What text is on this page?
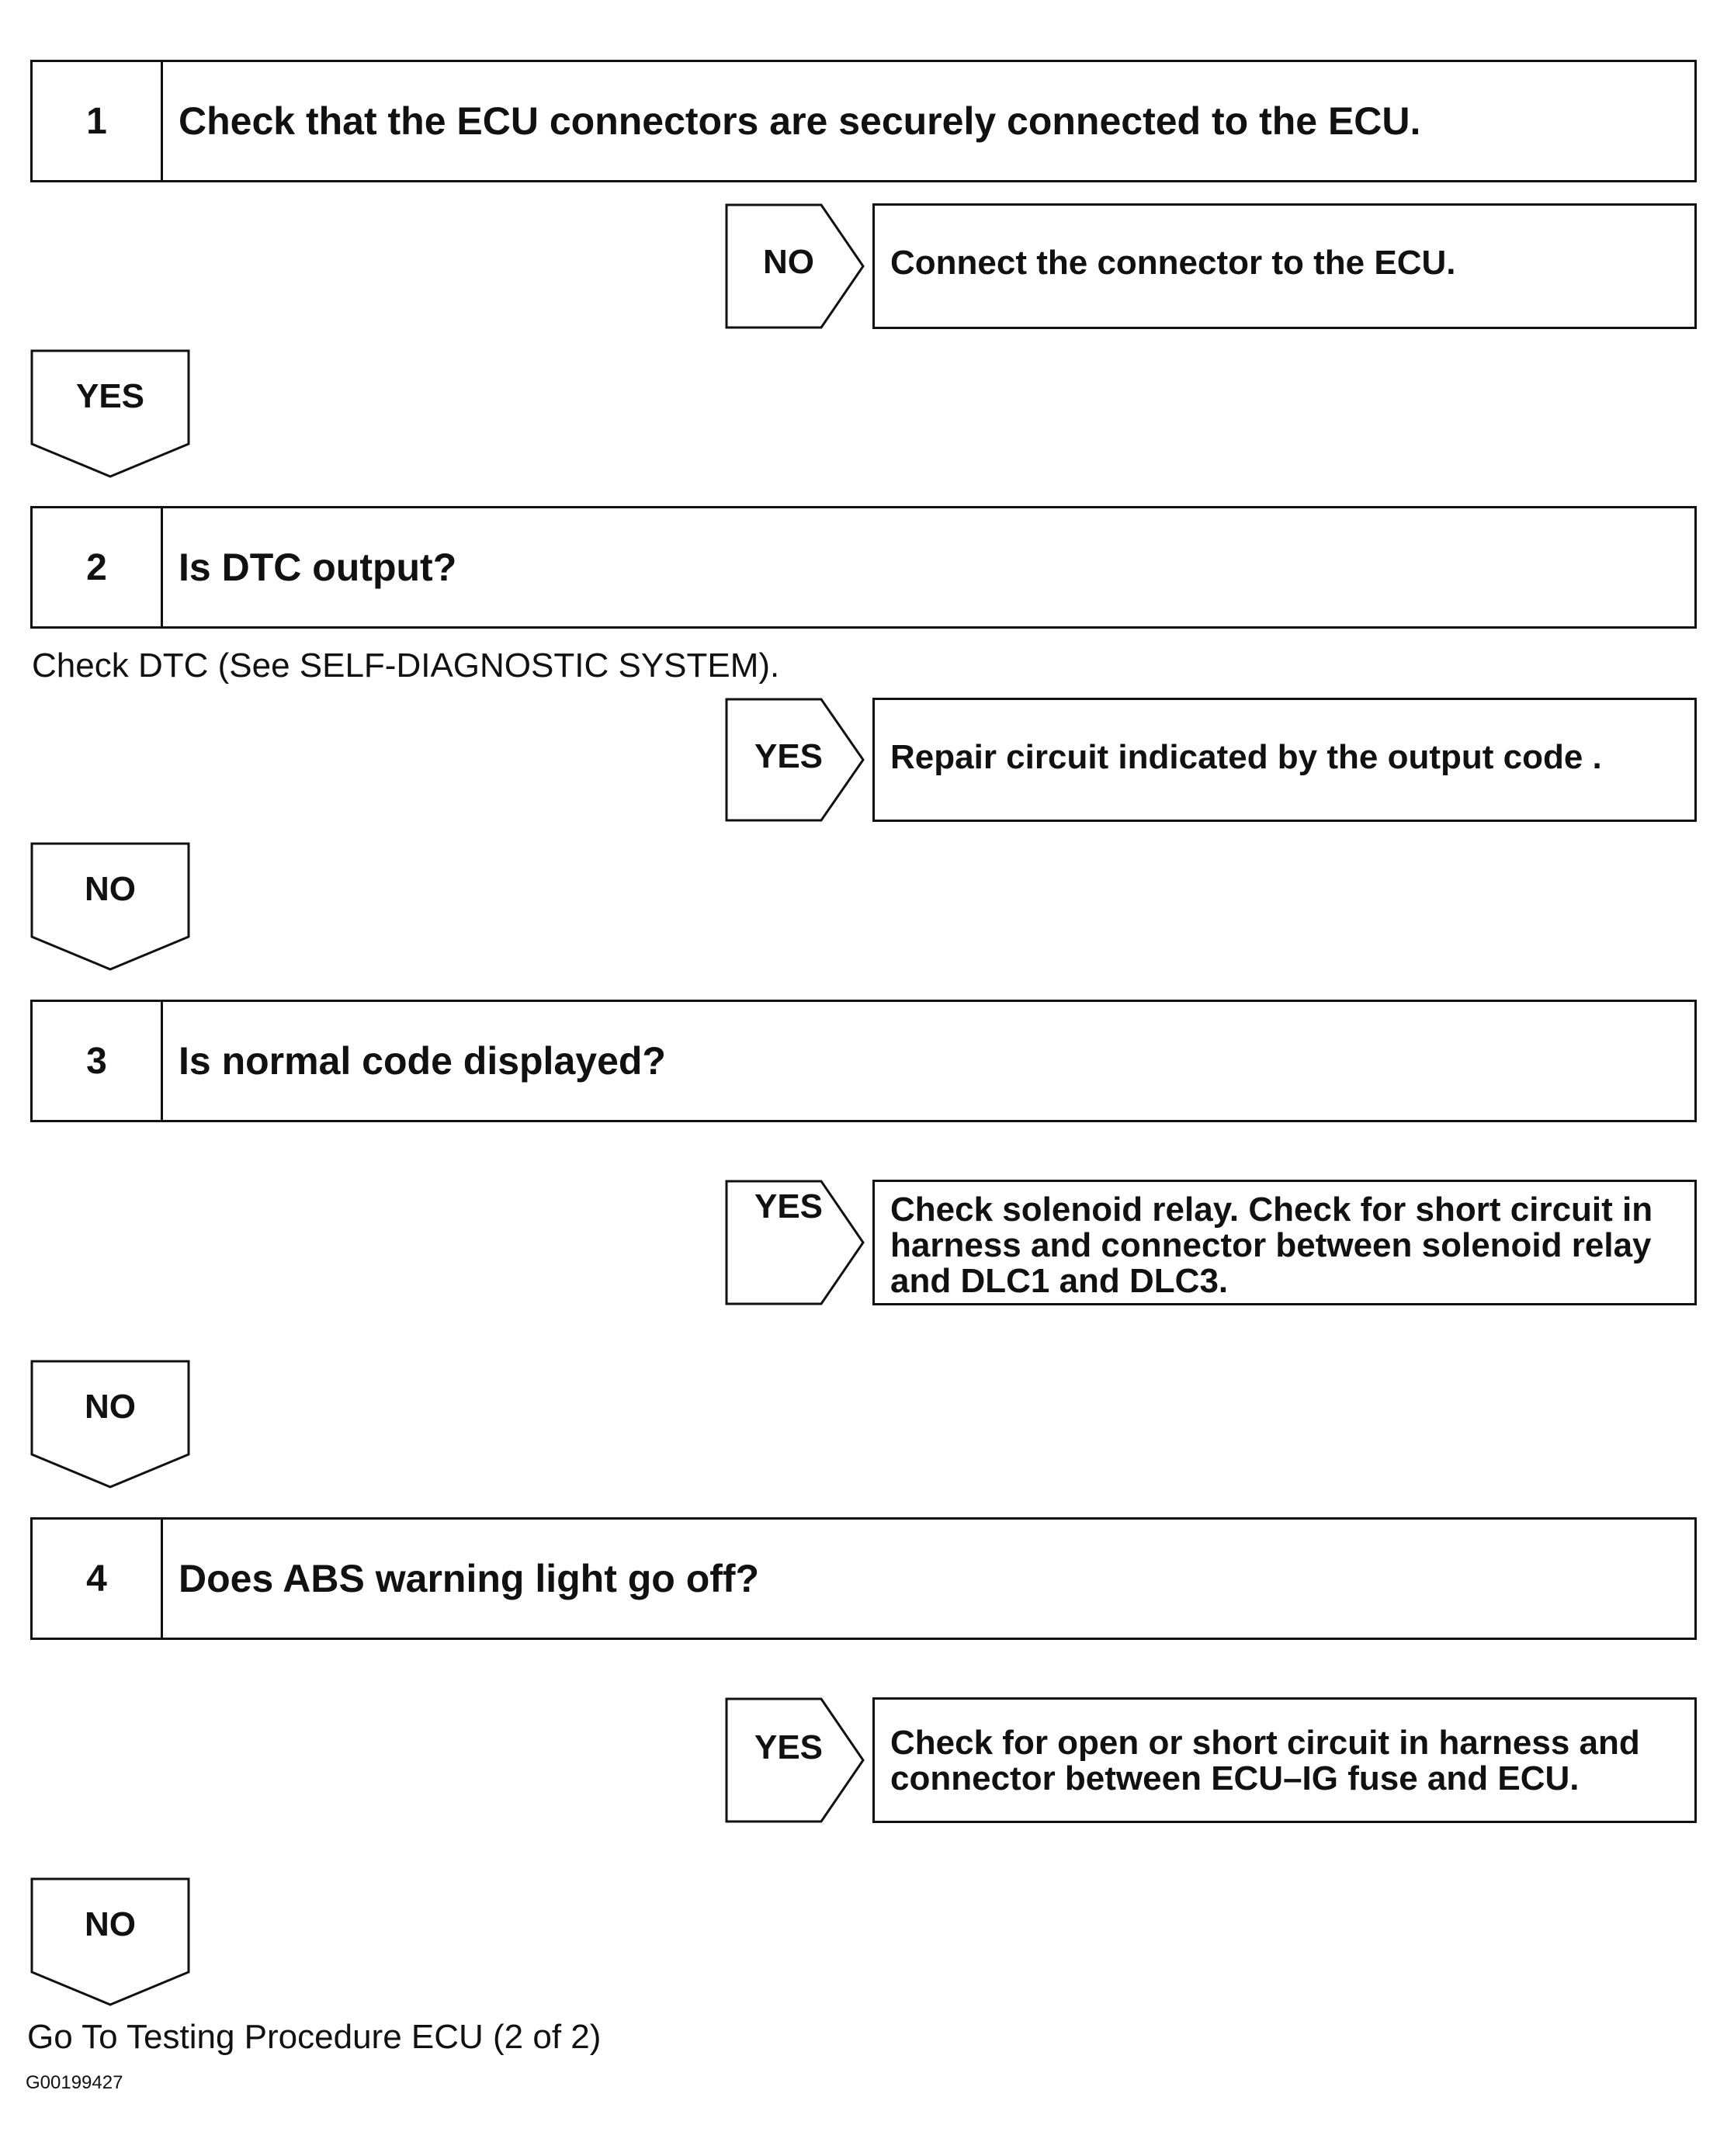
1	Check that the ECU connectors are securely connected to the ECU.
2	Is DTC output?
3	Is normal code displayed?
4	Does ABS warning light go off?
Check DTC (See SELF-DIAGNOSTIC SYSTEM).
NO
YES
YES
YES
Connect the connector to the ECU.
Repair circuit indicated by the output code .
Check solenoid relay. Check for short circuit in harness and connector between solenoid relay and DLC1 and DLC3.
Check for open or short circuit in harness and connector between ECU–IG fuse and ECU.
YES
NO
NO
NO
Go To Testing Procedure ECU (2 of 2)
G00199427
